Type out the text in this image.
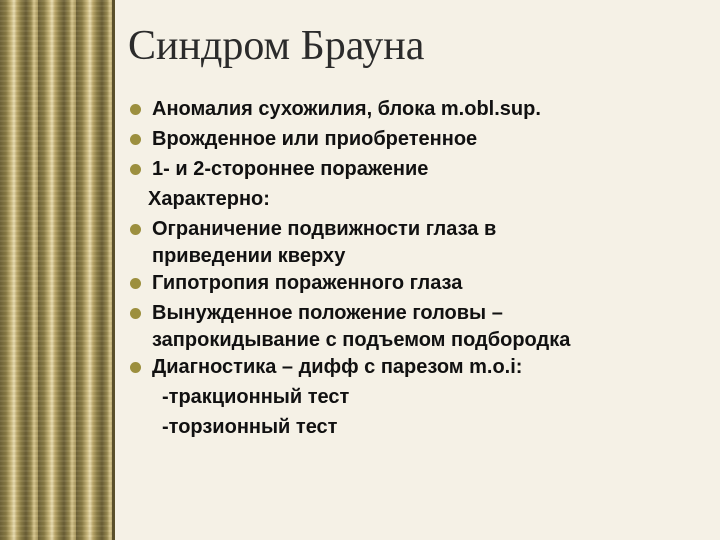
Синдром Брауна
Аномалия сухожилия, блока m.obl.sup.
Врожденное или приобретенное
1- и 2-стороннее поражение
Характерно:
Ограничение подвижности глаза в
приведении кверху
Гипотропия пораженного глаза
Вынужденное положение головы –
запрокидывание с подъемом подбородка
Диагностика – дифф с парезом m.o.i:
-тракционный тест
-торзионный тест
